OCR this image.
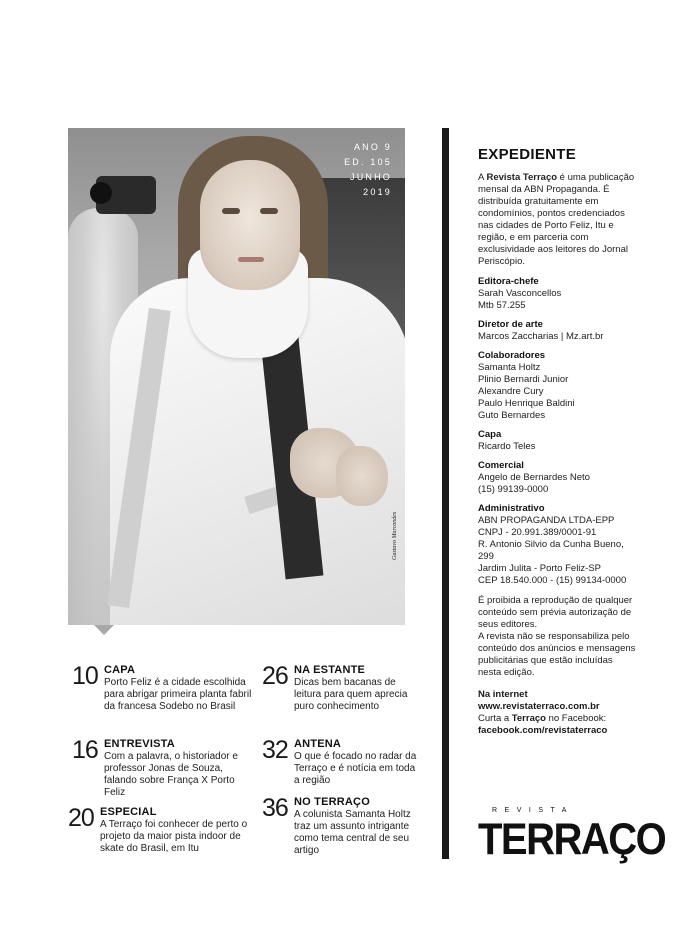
ANO 9
ED. 105
JUNHO
2019
Gustavo Marcondes
10 CAPA
Porto Feliz é a cidade escolhida para abrigar primeira planta fabril da francesa Sodebo no Brasil
16 ENTREVISTA
Com a palavra, o historiador e professor Jonas de Souza, falando sobre França X Porto Feliz
20 ESPECIAL
A Terraço foi conhecer de perto o projeto da maior pista indoor de skate do Brasil, em Itu
26 NA ESTANTE
Dicas bem bacanas de leitura para quem aprecia puro conhecimento
32 ANTENA
O que é focado no radar da Terraço e é notícia em toda a região
36 NO TERRAÇO
A colunista Samanta Holtz traz um assunto intrigante como tema central de seu artigo
EXPEDIENTE
A Revista Terraço é uma publicação mensal da ABN Propaganda. É distribuída gratuitamente em condomínios, pontos credenciados nas cidades de Porto Feliz, Itu e região, e em parceria com exclusividade aos leitores do Jornal Periscópio.
Editora-chefe
Sarah Vasconcellos
Mtb 57.255
Diretor de arte
Marcos Zaccharias | Mz.art.br
Colaboradores
Samanta Holtz
Plinio Bernardi Junior
Alexandre Cury
Paulo Henrique Baldini
Guto Bernardes
Capa
Ricardo Teles
Comercial
Angelo de Bernardes Neto
(15) 99139-0000
Administrativo
ABN PROPAGANDA LTDA-EPP
CNPJ - 20.991.389/0001-91
R. Antonio Silvio da Cunha Bueno, 299
Jardim Julita - Porto Feliz-SP
CEP 18.540.000 - (15) 99134-0000
É proibida a reprodução de qualquer conteúdo sem prévia autorização de seus editores.
A revista não se responsabiliza pelo conteúdo dos anúncios e mensagens publicitárias que estão incluídas nesta edição.
Na internet
www.revistaterraco.com.br
Curta a Terraço no Facebook:
facebook.com/revistaterraco
REVISTA
TERRAÇO
